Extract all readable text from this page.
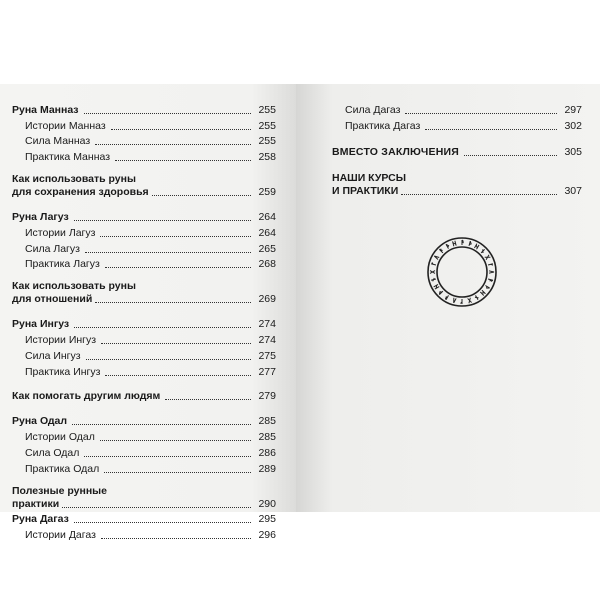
Руна Манназ	255
Истории Манназ	255
Сила Манназ	255
Практика Манназ	258
Как использовать руны
для сохранения здоровья	259
Руна Лагуз	264
Истории Лагуз	264
Сила Лагуз	265
Практика Лагуз	268
Как использовать руны
для отношений	269
Руна Ингуз	274
Истории Ингуз	274
Сила Ингуз	275
Практика Ингуз	277
Как помогать другим людям	279
Руна Одал	285
Истории Одал	285
Сила Одал	286
Практика Одал	289
Полезные рунные
практики	290
Руна Дагаз	295
Истории Дагаз	296
Сила Дагаз	297
Практика Дагаз	302
ВМЕСТО ЗАКЛЮЧЕНИЯ	305
НАШИ КУРСЫ
И ПРАКТИКИ	307
